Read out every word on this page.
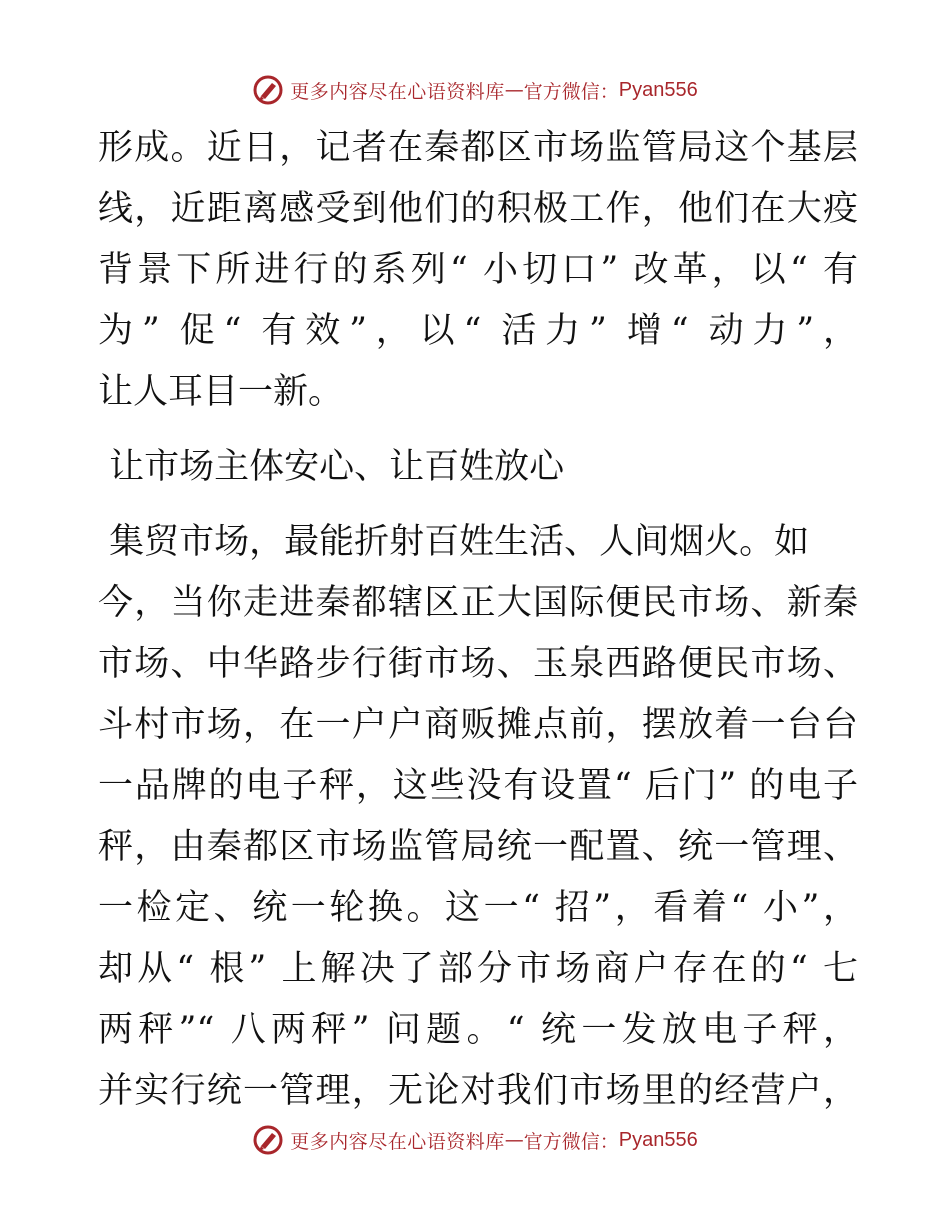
更多内容尽在心语资料库 — 官方微信： Pyan556
形成。近日，记者在秦都区市场监管局这个基层
线，近距离感受到他们的积极工作，他们在大疫
背景下所进行的系列“ 小切口” 改革，以“ 有
为” 促“ 有效”，以“ 活力” 增“ 动力”，
让人耳目一新。
让市场主体安心、让百姓放心
集贸市场，最能折射百姓生活、人间烟火。如
今，当你走进秦都辖区正大国际便民市场、新秦
市场、中华路步行街市场、玉泉西路便民市场、
斗村市场，在一户户商贩摊点前，摆放着一台台
一品牌的电子秤，这些没有设置“ 后门” 的电子
秤，由秦都区市场监管局统一配置、统一管理、
一检定、统一轮换。这一“ 招”，看着“ 小”，
却从“ 根” 上解决了部分市场商户存在的“ 七
两秤”“ 八两秤” 问题。“ 统一发放电子秤，
并实行统一管理，无论对我们市场里的经营户，
更多内容尽在心语资料库 — 官方微信： Pyan556
